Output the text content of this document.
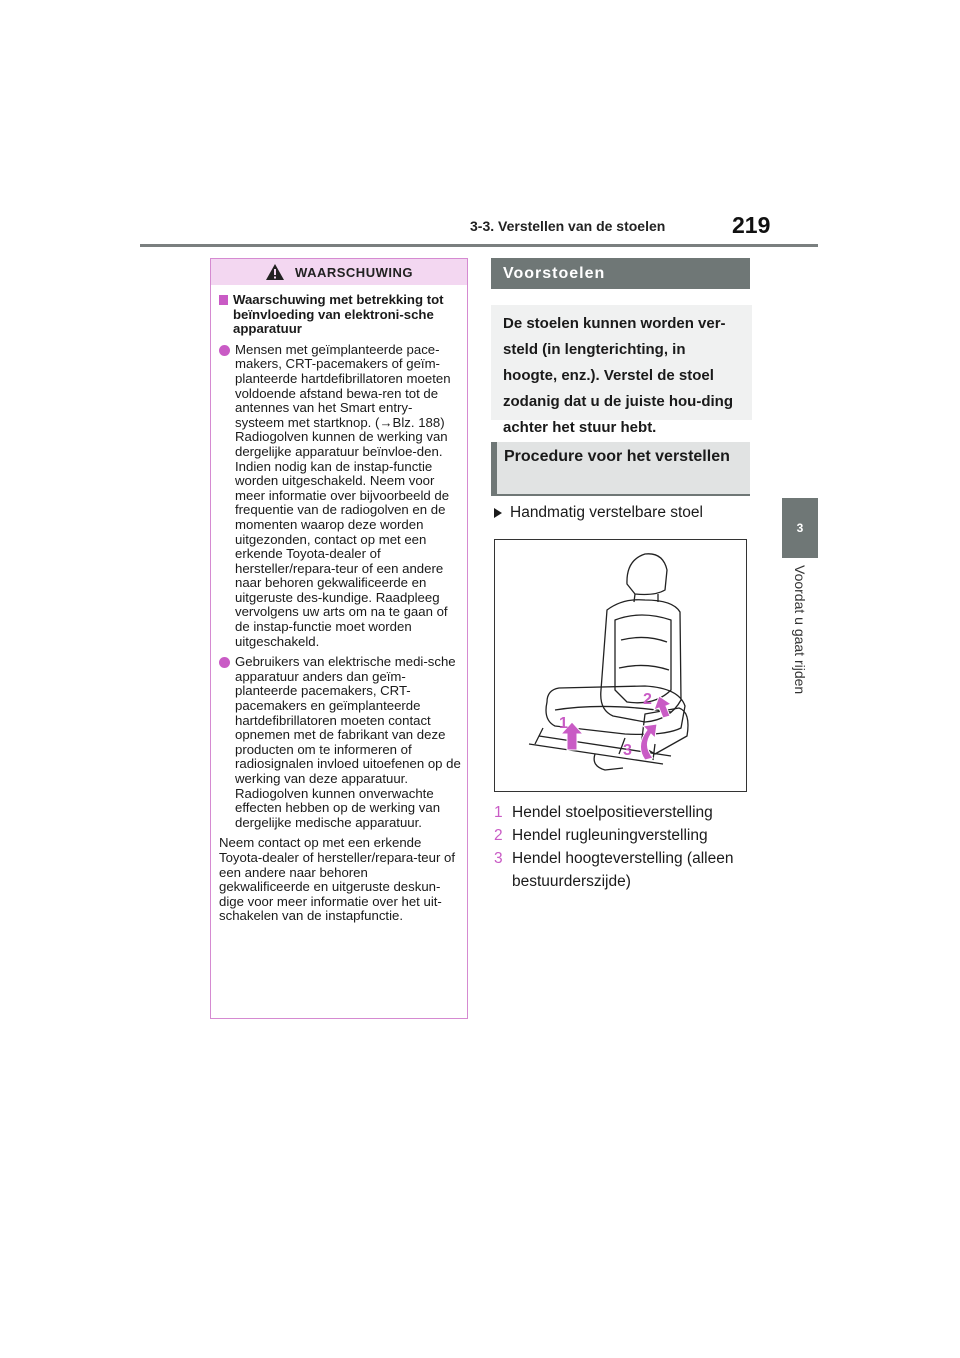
3-3. Verstellen van de stoelen	219
3
Voordat u gaat rijden
WAARSCHUWING
Waarschuwing met betrekking tot beïnvloeding van elektroni-sche apparatuur
Mensen met geïmplanteerde pace-makers, CRT-pacemakers of geïm-planteerde hartdefibrillatoren moeten voldoende afstand bewa-ren tot de antennes van het Smart entry-systeem met startknop. (→Blz. 188) Radiogolven kunnen de werking van dergelijke apparatuur beïnvloe-den. Indien nodig kan de instap-functie worden uitgeschakeld. Neem voor meer informatie over bijvoorbeeld de frequentie van de radiogolven en de momenten waarop deze worden uitgezonden, contact op met een erkende Toyota-dealer of hersteller/repara-teur of een andere naar behoren gekwalificeerde en uitgeruste des-kundige. Raadpleeg vervolgens uw arts om na te gaan of de instap-functie moet worden uitgeschakeld.
Gebruikers van elektrische medi-sche apparatuur anders dan geïm-planteerde pacemakers, CRT-pacemakers en geïmplanteerde hartdefibrillatoren moeten contact opnemen met de fabrikant van deze producten om te informeren of radiosignalen invloed uitoefenen op de werking van deze apparatuur. Radiogolven kunnen onverwachte effecten hebben op de werking van dergelijke medische apparatuur.
Neem contact op met een erkende Toyota-dealer of hersteller/repara-teur of een andere naar behoren gekwalificeerde en uitgeruste deskun-dige voor meer informatie over het uit-schakelen van de instapfunctie.
Voorstoelen
De stoelen kunnen worden ver-steld (in lengterichting, in hoogte, enz.). Verstel de stoel zodanig dat u de juiste hou-ding achter het stuur hebt.
Procedure voor het verstellen
Handmatig verstelbare stoel
1
2
3
1 Hendel stoelpositieverstelling
2 Hendel rugleuningverstelling
3 Hendel hoogteverstelling (alleen bestuurderszijde)
